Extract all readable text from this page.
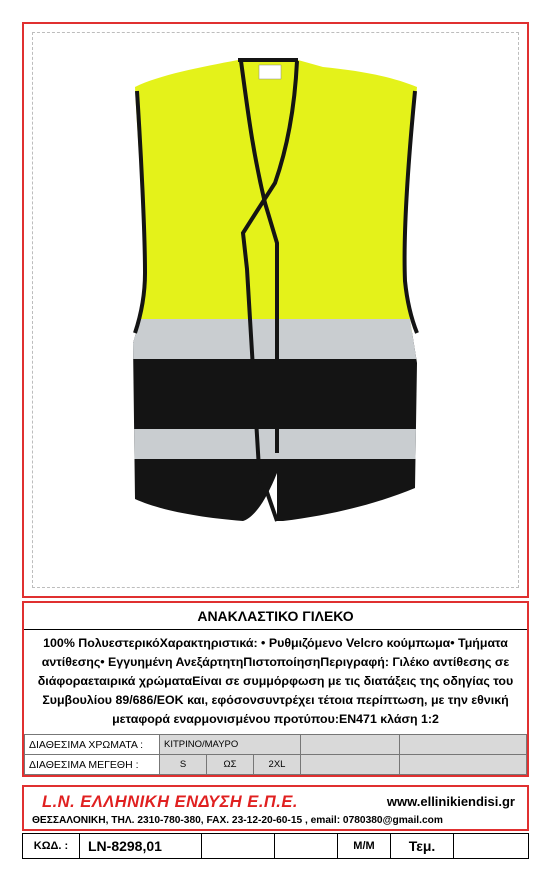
ΑΝΑΚΛΑΣΤΙΚΟ ΓΙΛΕΚΟ
100% ΠολυεστερικόΧαρακτηριστικά: • Ρυθμιζόμενο Velcro κούμπωμα• Τμήματα αντίθεσης• Εγγυημένη ΑνεξάρτητηΠιστοποίησηΠεριγραφή: Γιλέκο αντίθεσης σε διάφοραεταιρικά χρώματαΕίναι σε συμμόρφωση με τις διατάξεις της οδηγίας του Συμβουλίου 89/686/ΕΟΚ και, εφόσονσυντρέχει τέτοια περίπτωση, με την εθνική μεταφορά εναρμονισμένου προτύπου:EN471 κλάση 1:2
ΔΙΑΘΕΣΙΜΑ ΧΡΩΜΑΤΑ :	ΚΙΤΡΙΝΟ/ΜΑΥΡΟ				
ΔΙΑΘΕΣΙΜΑ ΜΕΓΕΘΗ :	S	ΩΣ	2XL		
L.N. ΕΛΛΗΝΙΚΗ ΕΝΔΥΣΗ Ε.Π.Ε.	www.ellinikiendisi.gr
ΘΕΣΣΑΛΟΝΙΚΗ, ΤΗΛ. 2310-780-380, FAX. 23-12-20-60-15 , email: 0780380@gmail.com
ΚΩΔ. :	LN-8298,01			Μ/Μ	Τεμ.	
